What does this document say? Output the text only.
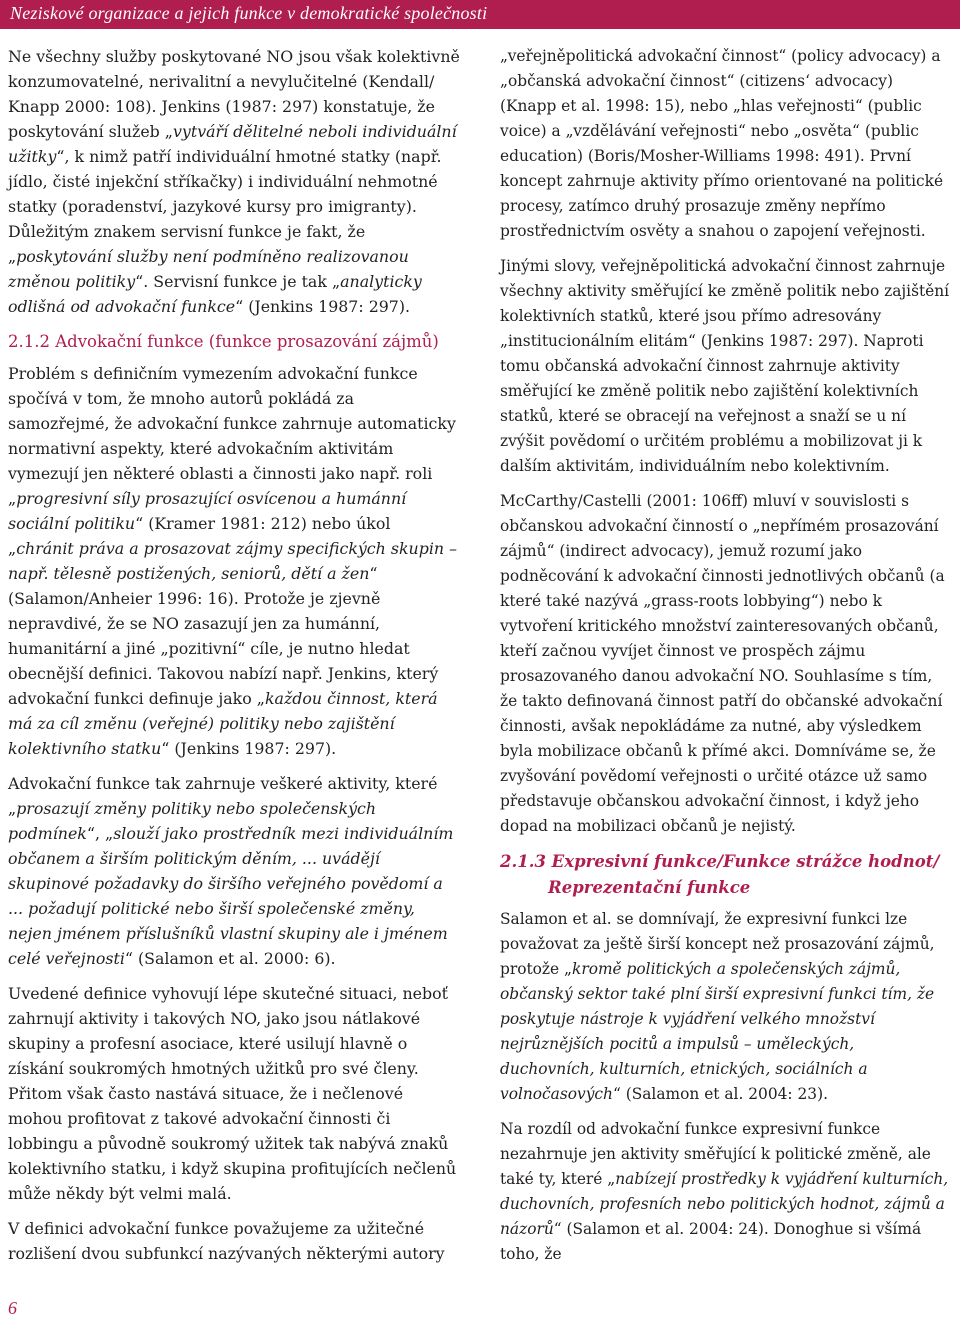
Neziskové organizace a jejich funkce v demokratické společnosti

Ne všechny služby poskytované NO jsou však kolektivně konzumovatelné, nerivalitní a nevylučitelné (Kendall/ Knapp 2000: 108). Jenkins (1987: 297) konstatuje, že poskytování služeb „vytváří dělitelné neboli individuální užitky“, k nimž patří individuální hmotné statky (např. jídlo, čisté injekční stříkačky) i individuální nehmotné statky (poradenství, jazykové kursy pro imigranty). Důležitým znakem servisní funkce je fakt, že „poskytování služby není podmíněno realizovanou změnou politiky“. Servisní funkce je tak „analyticky odlišná od advokační funkce“ (Jenkins 1987: 297).

2.1.2 Advokační funkce (funkce prosazování zájmů)

Problém s definičním vymezením advokační funkce spočívá v tom, že mnoho autorů pokládá za samozřejmé, že advokační funkce zahrnuje automaticky normativní aspekty, které advokačním aktivitám vymezují jen některé oblasti a činnosti jako např. roli „progresivní síly prosazující osvícenou a humánní sociální politiku“ (Kramer 1981: 212) nebo úkol „chránit práva a prosazovat zájmy specifických skupin – např. tělesně postižených, seniorů, dětí a žen“ (Salamon/Anheier 1996: 16). Protože je zjevně nepravdivé, že se NO zasazují jen za humánní, humanitární a jiné „pozitivní“ cíle, je nutno hledat obecnější definici. Takovou nabízí např. Jenkins, který advokační funkci definuje jako „každou činnost, která má za cíl změnu (veřejné) politiky nebo zajištění kolektivního statku“ (Jenkins 1987: 297).

Advokační funkce tak zahrnuje veškeré aktivity, které „prosazují změny politiky nebo společenských podmínek“, „slouží jako prostředník mezi individuálním občanem a širším politickým děním, ... uvádějí skupinové požadavky do širšího veřejného povědomí a ... požadují politické nebo širší společenské změny, nejen jménem příslušníků vlastní skupiny ale i jménem celé veřejnosti“ (Salamon et al. 2000: 6).

Uvedené definice vyhovují lépe skutečné situaci, neboť zahrnují aktivity i takových NO, jako jsou nátlakové skupiny a profesní asociace, které usilují hlavně o získání soukromých hmotných užitků pro své členy. Přitom však často nastává situace, že i nečlenové mohou profitovat z takové advokační činnosti či lobbingu a původně soukromý užitek tak nabývá znaků kolektivního statku, i když skupina profitujících nečlenů může někdy být velmi malá.

V definici advokační funkce považujeme za užitečné rozlišení dvou subfunkcí nazývaných některými autory

„veřejněpolitická advokační činnost“ (policy advocacy) a „občanská advokační činnost“ (citizens‘ advocacy) (Knapp et al. 1998: 15), nebo „hlas veřejnosti“ (public voice) a „vzdělávání veřejnosti“ nebo „osvěta“ (public education) (Boris/Mosher-Williams 1998: 491). První koncept zahrnuje aktivity přímo orientované na politické procesy, zatímco druhý prosazuje změny nepřímo prostřednictvím osvěty a snahou o zapojení veřejnosti.

Jinými slovy, veřejněpolitická advokační činnost zahrnuje všechny aktivity směřující ke změně politik nebo zajištění kolektivních statků, které jsou přímo adresovány „institucionálním elitám“ (Jenkins 1987: 297). Naproti tomu občanská advokační činnost zahrnuje aktivity směřující ke změně politik nebo zajištění kolektivních statků, které se obracejí na veřejnost a snaží se u ní zvýšit povědomí o určitém problému a mobilizovat ji k dalším aktivitám, individuálním nebo kolektivním.

McCarthy/Castelli (2001: 106ff) mluví v souvislosti s občanskou advokační činností o „nepřímém prosazování zájmů“ (indirect advocacy), jemuž rozumí jako podněcování k advokační činnosti jednotlivých občanů (a které také nazývá „grass-roots lobbying“) nebo k vytvoření kritického množství zainteresovaných občanů, kteří začnou vyvíjet činnost ve prospěch zájmu prosazovaného danou advokační NO. Souhlasíme s tím, že takto definovaná činnost patří do občanské advokační činnosti, avšak nepokládáme za nutné, aby výsledkem byla mobilizace občanů k přímé akci. Domníváme se, že zvyšování povědomí veřejnosti o určité otázce už samo představuje občanskou advokační činnost, i když jeho dopad na mobilizaci občanů je nejistý.

2.1.3 Expresivní funkce/Funkce strážce hodnot/
Reprezentační funkce

Salamon et al. se domnívají, že expresivní funkci lze považovat za ještě širší koncept než prosazování zájmů, protože „kromě politických a společenských zájmů, občanský sektor také plní širší expresivní funkci tím, že poskytuje nástroje k vyjádření velkého množství nejrůznějších pocitů a impulsů – uměleckých, duchovních, kulturních, etnických, sociálních a volnočasových“ (Salamon et al. 2004: 23).

Na rozdíl od advokační funkce expresivní funkce nezahrnuje jen aktivity směřující k politické změně, ale také ty, které „nabízejí prostředky k vyjádření kulturních, duchovních, profesních nebo politických hodnot, zájmů a názorů“ (Salamon et al. 2004: 24). Donoghue si všímá toho, že

6
